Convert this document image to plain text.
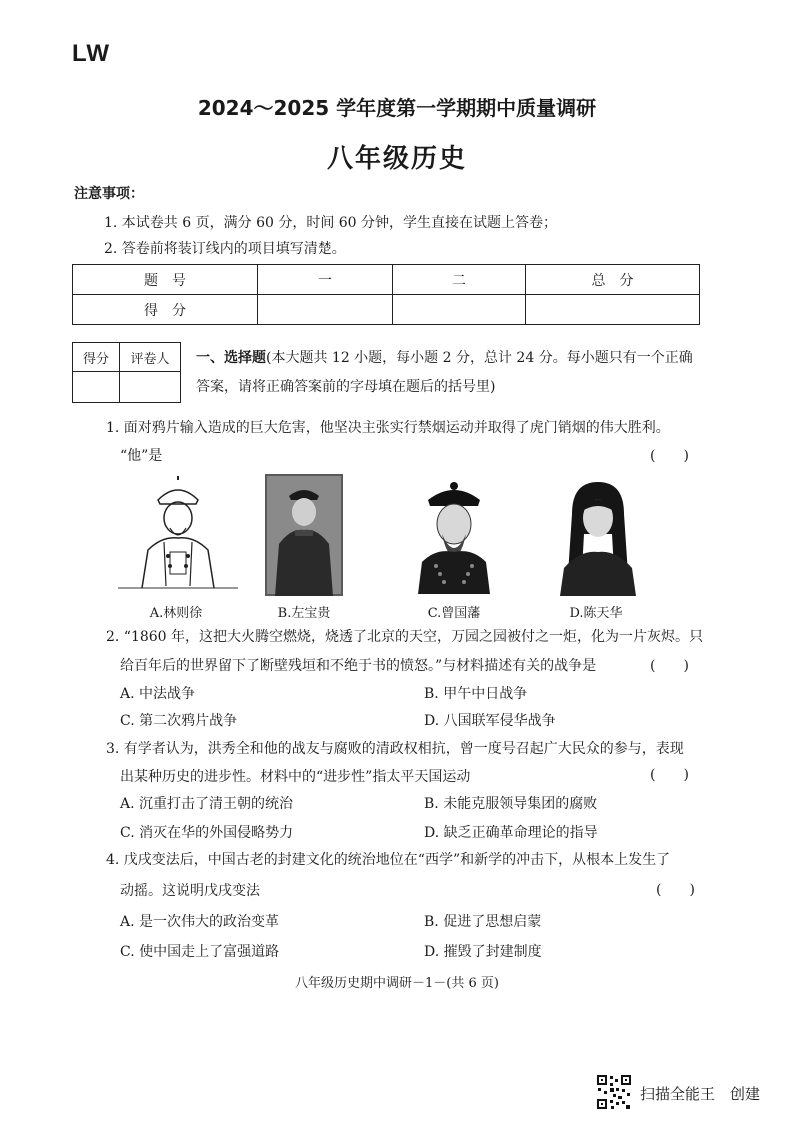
LW
2024～2025 学年度第一学期期中质量调研
八年级历史
注意事项：
1. 本试卷共 6 页，满分 60 分，时间 60 分钟，学生直接在试题上答卷；
2. 答卷前将装订线内的项目填写清楚。
题　号	一	二	总　分
得　分			
得分	评卷人
	一、选择题(本大题共 12 小题，每小题 2 分，总计 24 分。每小题只有一个正确答案，请将正确答案前的字母填在题后的括号里)
1. 面对鸦片输入造成的巨大危害，他坚决主张实行禁烟运动并取得了虎门销烟的伟大胜利。
“他”是	(　　)
A.林则徐	B.左宝贵	C.曾国藩	D.陈天华
2. “1860 年，这把大火腾空燃烧，烧透了北京的天空，万园之园被付之一炬，化为一片灰烬。只
给百年后的世界留下了断壁残垣和不绝于书的愤怒。”与材料描述有关的战争是	(　　)
A. 中法战争	B. 甲午中日战争
C. 第二次鸦片战争	D. 八国联军侵华战争
3. 有学者认为，洪秀全和他的战友与腐败的清政权相抗，曾一度号召起广大民众的参与，表现
出某种历史的进步性。材料中的“进步性”指太平天国运动	(　　)
A. 沉重打击了清王朝的统治	B. 未能克服领导集团的腐败
C. 消灭在华的外国侵略势力	D. 缺乏正确革命理论的指导
4. 戊戌变法后，中国古老的封建文化的统治地位在“西学”和新学的冲击下，从根本上发生了
动摇。这说明戊戌变法	(　　)
A. 是一次伟大的政治变革	B. 促进了思想启蒙
C. 使中国走上了富强道路	D. 摧毁了封建制度
八年级历史期中调研－1－(共 6 页)
扫描全能王　创建
